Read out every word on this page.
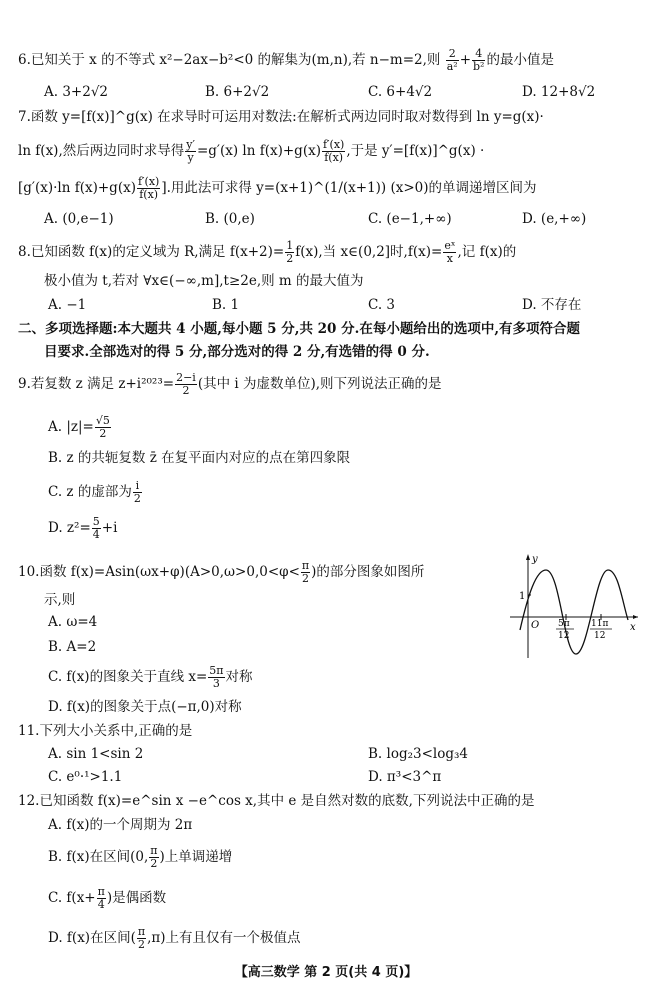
6.已知关于 x 的不等式 x²−2ax−b²<0 的解集为(m,n),若 n−m=2,则 $\frac{2}{\text{a²}} + \frac{4}{\text{b²}}$ 的最小值是
A. 3+2√2	B. 6+2√2	C. 6+4√2	D. 12+8√2
7.函数 y=[f(x)]^g(x) 在求导时可运用对数法:在解析式两边同时取对数得到 ln y=g(x)·
ln f(x),然后两边同时求导得 $\frac{y'}{y} =g'(x)$ $\ln f(x)+g(x) \frac{f'(x)}{f(x)}$ ,于是 y′=[f(x)]^g(x) ·
[g′(x)·ln $f(x)+g(x) \frac{f'(x)}{f(x)}$ ].用此法可求得 y=(x+1)^(1/(x+1)) (x>0)的单调递增区间为
A. (0,e−1)	B. (0,e)	C. (e−1,+∞)	D. (e,+∞)
8.已知函数 f(x)的定义域为 R,满足 $f(x+2)= \frac{1}{2} f(x)$,当 x∈(0,2]时$,f(x)= \frac{\text{eˣ}}{x}$ ,记 f(x)的
极小值为 t,若对 ∀x∈(−∞,m],t≥2e,则 m 的最大值为
A. −1	B. 1	C. 3	D. 不存在
二、多项选择题:本大题共 4 小题,每小题 5 分,共 20 分.在每小题给出的选项中,有多项符合题
目要求.全部选对的得 5 分,部分选对的得 2 分,有选错的得 0 分.
9.若复数 z 满足 $z+i^{2023}= \frac{2-i}{2}$ (其中 i 为虚数单位),则下列说法正确的是
A. $|z|= \frac{√5}{2}$
B. z 的共轭复数 z̄ 在复平面内对应的点在第四象限
C. z 的虚部为 $\frac{i}{2}$
D. $z^2= \frac{5}{4} +i$
10.函数 $f(x)=Asin(\omega x+\varphi)(A>0,\omega>0,0<\varphi< \frac{\pi}{2}$ )的部分图象如图所
示,则
A. ω=4
B. A=2
C. f(x)的图象关于直线 $x= \frac{5\pi}{3}$ 对称
D. f(x)的图象关于点(−π,0)对称
y
x
O
1
5π
12
11π
12
11.下列大小关系中,正确的是
A. sin 1<sin 2	B. log₂3<log₃4
C. e⁰·¹>1.1	D. π³<3^π
12.已知函数 f(x)=e^sin x −e^cos x,其中 e 是自然对数的底数,下列说法中正确的是
A. f(x)的一个周期为 2π
B. f(x)在区间(0, $\frac{\pi}{2}$ )上单调递增
C. $f(x+ \frac{\pi}{4}$ )是偶函数
D. f(x)在区间( $\frac{\pi}{2} ,\pi$)上有且仅有一个极值点
【高三数学 第 2 页(共 4 页)】
